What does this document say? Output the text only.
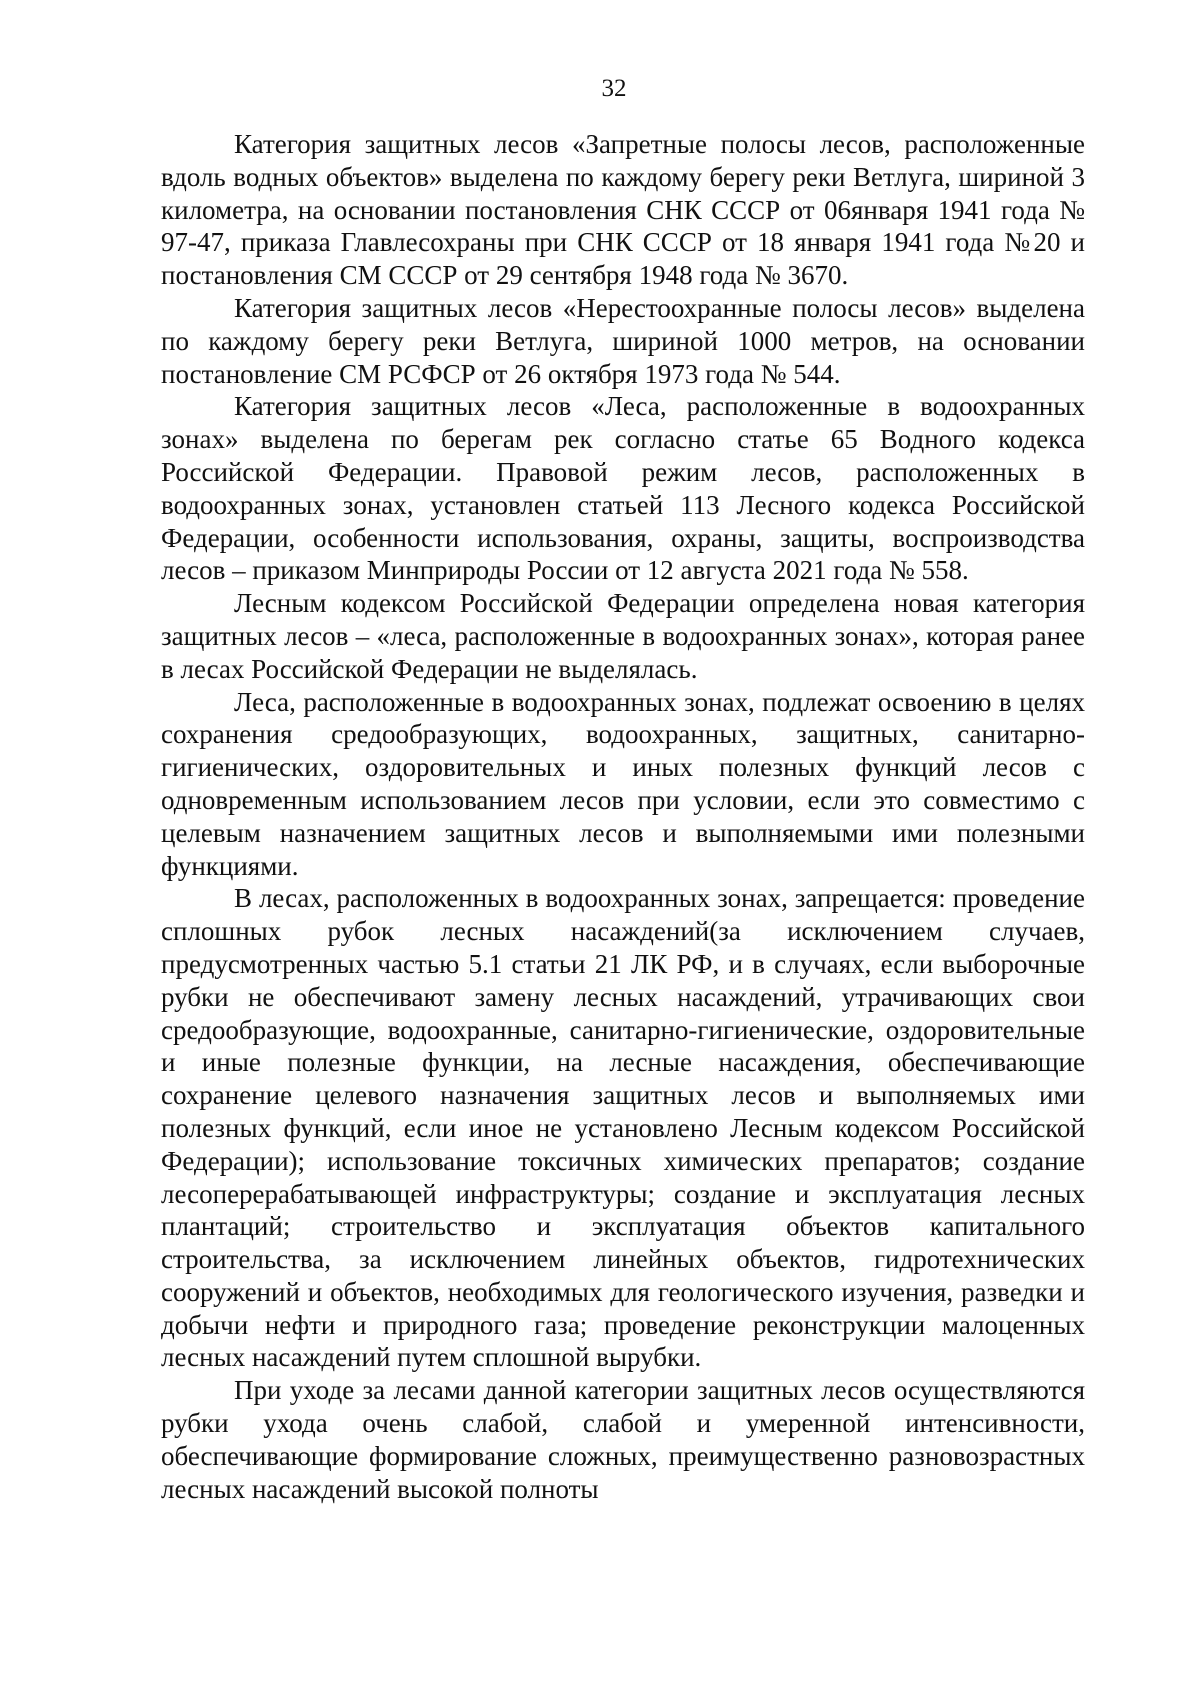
32

Категория защитных лесов «Запретные полосы лесов, расположенные вдоль водных объектов» выделена по каждому берегу реки Ветлуга, шириной 3 километра, на основании постановления СНК СССР от 06января 1941 года № 97-47, приказа Главлесохраны при СНК СССР от 18 января 1941 года №20 и постановления СМ СССР от 29 сентября 1948 года № 3670.

Категория защитных лесов «Нерестоохранные полосы лесов» выделена по каждому берегу реки Ветлуга, шириной 1000 метров, на основании постановление СМ РСФСР от 26 октября 1973 года № 544.

Категория защитных лесов «Леса, расположенные в водоохранных зонах» выделена по берегам рек согласно статье 65 Водного кодекса Российской Федерации. Правовой режим лесов, расположенных в водоохранных зонах, установлен статьей 113 Лесного кодекса Российской Федерации, особенности использования, охраны, защиты, воспроизводства лесов – приказом Минприроды России от 12 августа 2021 года № 558.

Лесным кодексом Российской Федерации определена новая категория защитных лесов – «леса, расположенные в водоохранных зонах», которая ранее в лесах Российской Федерации не выделялась.

Леса, расположенные в водоохранных зонах, подлежат освоению в целях сохранения средообразующих, водоохранных, защитных, санитарно-гигиенических, оздоровительных и иных полезных функций лесов с одновременным использованием лесов при условии, если это совместимо с целевым назначением защитных лесов и выполняемыми ими полезными функциями.

В лесах, расположенных в водоохранных зонах, запрещается: проведение сплошных рубок лесных насаждений(за исключением случаев, предусмотренных частью 5.1 статьи 21 ЛК РФ, и в случаях, если выборочные рубки не обеспечивают замену лесных насаждений, утрачивающих свои средообразующие, водоохранные, санитарно-гигиенические, оздоровительные и иные полезные функции, на лесные насаждения, обеспечивающие сохранение целевого назначения защитных лесов и выполняемых ими полезных функций, если иное не установлено Лесным кодексом Российской Федерации); использование токсичных химических препаратов; создание лесоперерабатывающей инфраструктуры; создание и эксплуатация лесных плантаций; строительство и эксплуатация объектов капитального строительства, за исключением линейных объектов, гидротехнических сооружений и объектов, необходимых для геологического изучения, разведки и добычи нефти и природного газа; проведение реконструкции малоценных лесных насаждений путем сплошной вырубки.

При уходе за лесами данной категории защитных лесов осуществляются рубки ухода очень слабой, слабой и умеренной интенсивности, обеспечивающие формирование сложных, преимущественно разновозрастных лесных насаждений высокой полноты
